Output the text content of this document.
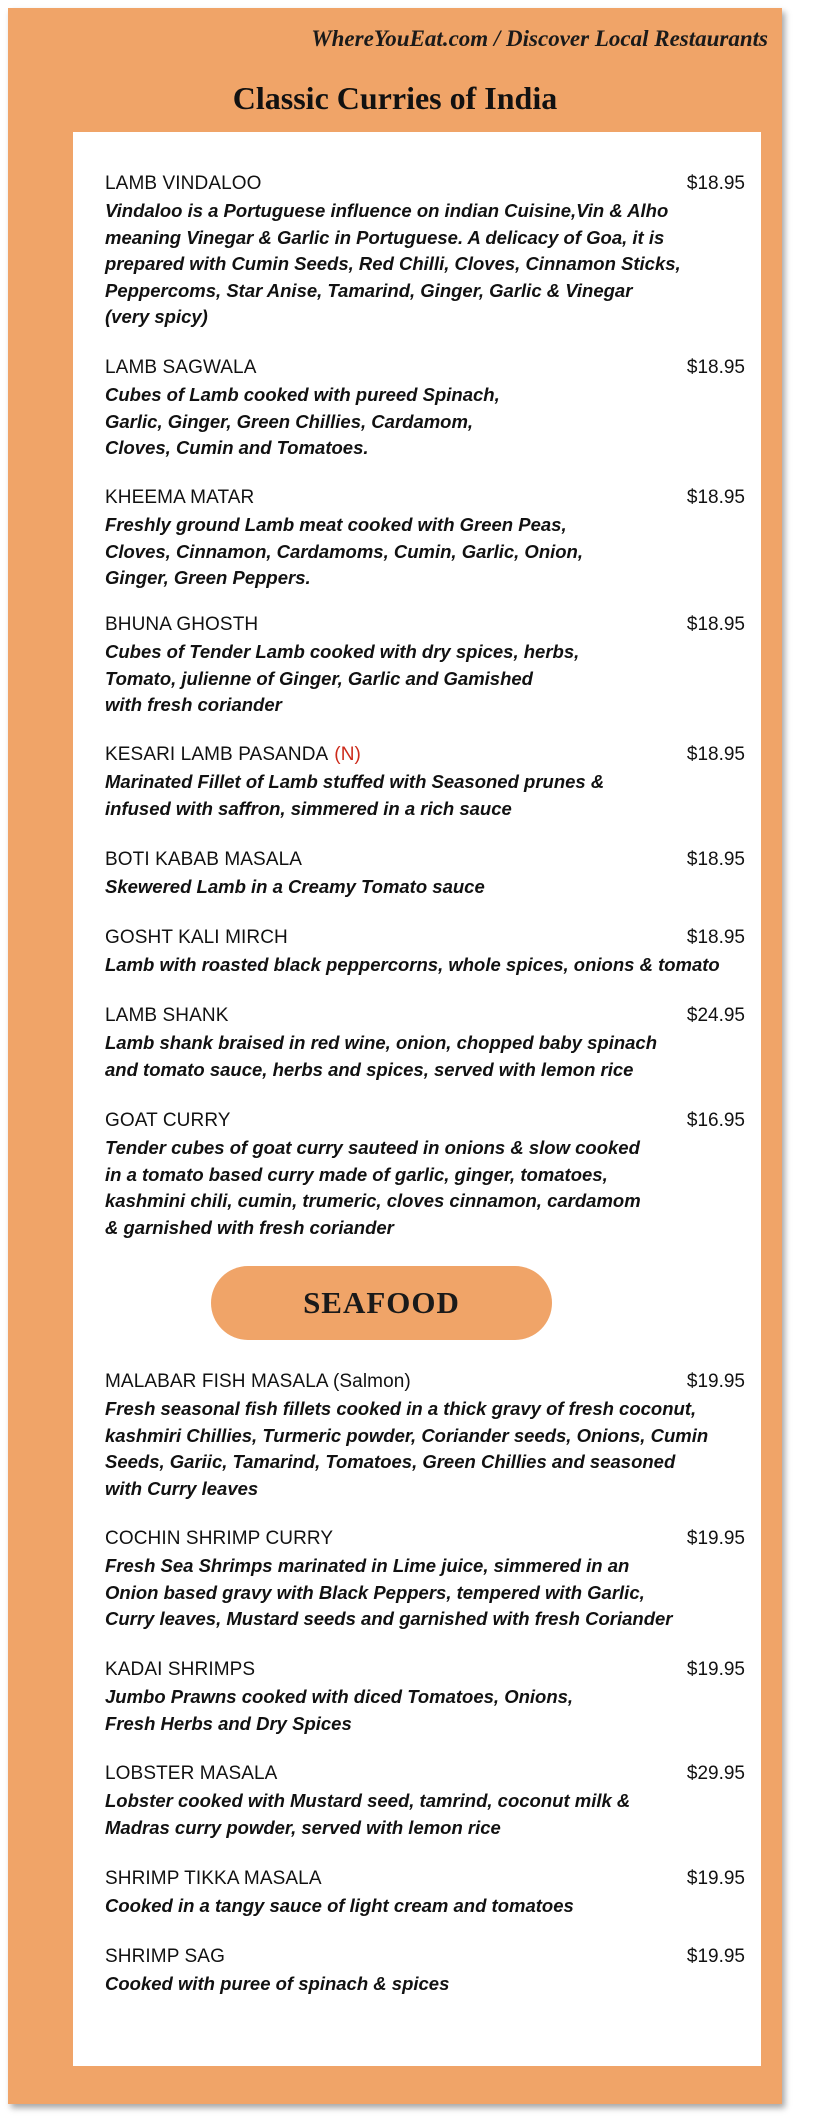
WhereYouEat.com / Discover Local Restaurants
Classic Curries of India
LAMB VINDALOO	$18.95
Vindaloo is a Portuguese influence on indian Cuisine,Vin & Alho
meaning Vinegar & Garlic in Portuguese. A delicacy of Goa, it is
prepared with Cumin Seeds, Red Chilli, Cloves, Cinnamon Sticks,
Peppercoms, Star Anise, Tamarind, Ginger, Garlic & Vinegar
(very spicy)
LAMB SAGWALA	$18.95
Cubes of Lamb cooked with pureed Spinach,
Garlic, Ginger, Green Chillies, Cardamom,
Cloves, Cumin and Tomatoes.
KHEEMA MATAR	$18.95
Freshly ground Lamb meat cooked with Green Peas,
Cloves, Cinnamon, Cardamoms, Cumin, Garlic, Onion,
Ginger, Green Peppers.
BHUNA GHOSTH	$18.95
Cubes of Tender Lamb cooked with dry spices, herbs,
Tomato, julienne of Ginger, Garlic and Gamished
with fresh coriander
KESARI LAMB PASANDA (N)	$18.95
Marinated Fillet of Lamb stuffed with Seasoned prunes &
infused with saffron, simmered in a rich sauce
BOTI KABAB MASALA	$18.95
Skewered Lamb in a Creamy Tomato sauce
GOSHT KALI MIRCH	$18.95
Lamb with roasted black peppercorns, whole spices, onions & tomato
LAMB SHANK	$24.95
Lamb shank braised in red wine, onion, chopped baby spinach
and tomato sauce, herbs and spices, served with lemon rice
GOAT CURRY	$16.95
Tender cubes of goat curry sauteed in onions & slow cooked
in a tomato based curry made of garlic, ginger, tomatoes,
kashmini chili, cumin, trumeric, cloves cinnamon, cardamom
& garnished with fresh coriander
SEAFOOD
MALABAR FISH MASALA (Salmon)	$19.95
Fresh seasonal fish fillets cooked in a thick gravy of fresh coconut,
kashmiri Chillies, Turmeric powder, Coriander seeds, Onions, Cumin
Seeds, Gariic, Tamarind, Tomatoes, Green Chillies and seasoned
with Curry leaves
COCHIN SHRIMP CURRY	$19.95
Fresh Sea Shrimps marinated in Lime juice, simmered in an
Onion based gravy with Black Peppers, tempered with Garlic,
Curry leaves, Mustard seeds and garnished with fresh Coriander
KADAI SHRIMPS	$19.95
Jumbo Prawns cooked with diced Tomatoes, Onions,
Fresh Herbs and Dry Spices
LOBSTER MASALA	$29.95
Lobster cooked with Mustard seed, tamrind, coconut milk &
Madras curry powder, served with lemon rice
SHRIMP TIKKA MASALA	$19.95
Cooked in a tangy sauce of light cream and tomatoes
SHRIMP SAG	$19.95
Cooked with puree of spinach & spices
